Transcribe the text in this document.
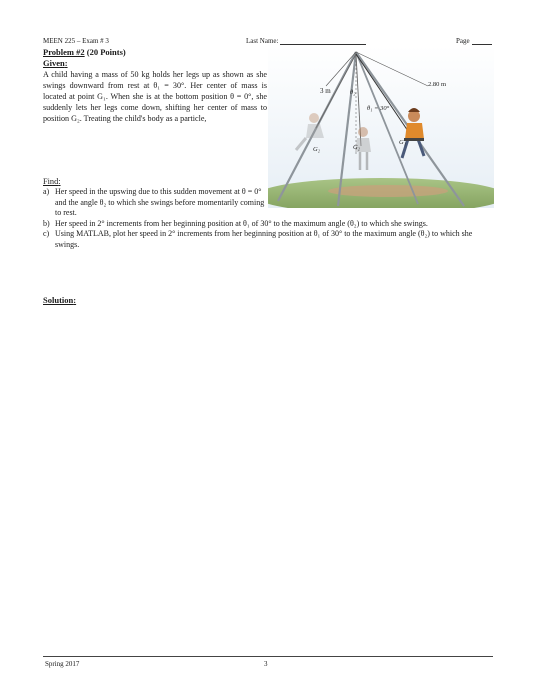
MEEN 225 – Exam # 3	Last Name:	Page
Problem #2 (20 Points)
Given :
A child having a mass of 50 kg holds her legs up as shown as she swings downward from rest at θ₁ = 30°. Her center of mass is located at point G₁. When she is at the bottom position θ = 0°, she suddenly lets her legs come down, shifting her center of mass to position G₂. Treating the child's body as a particle,
3 m	θ₂
2.80 m
θ₁ = 30°
G₂	G₂
G₁
Find :
a) Her speed in the upswing due to this sudden movement at θ = 0° and the angle θ₂ to which she swings before momentarily coming to rest.
b) Her speed in 2° increments from her beginning position at θ₁ of 30° to the maximum angle (θ₂) to which she swings.
c) Using MATLAB, plot her speed in 2° increments from her beginning position at θ₁ of 30° to the maximum angle (θ₂) to which she swings.
Solution :
Spring 2017	3
